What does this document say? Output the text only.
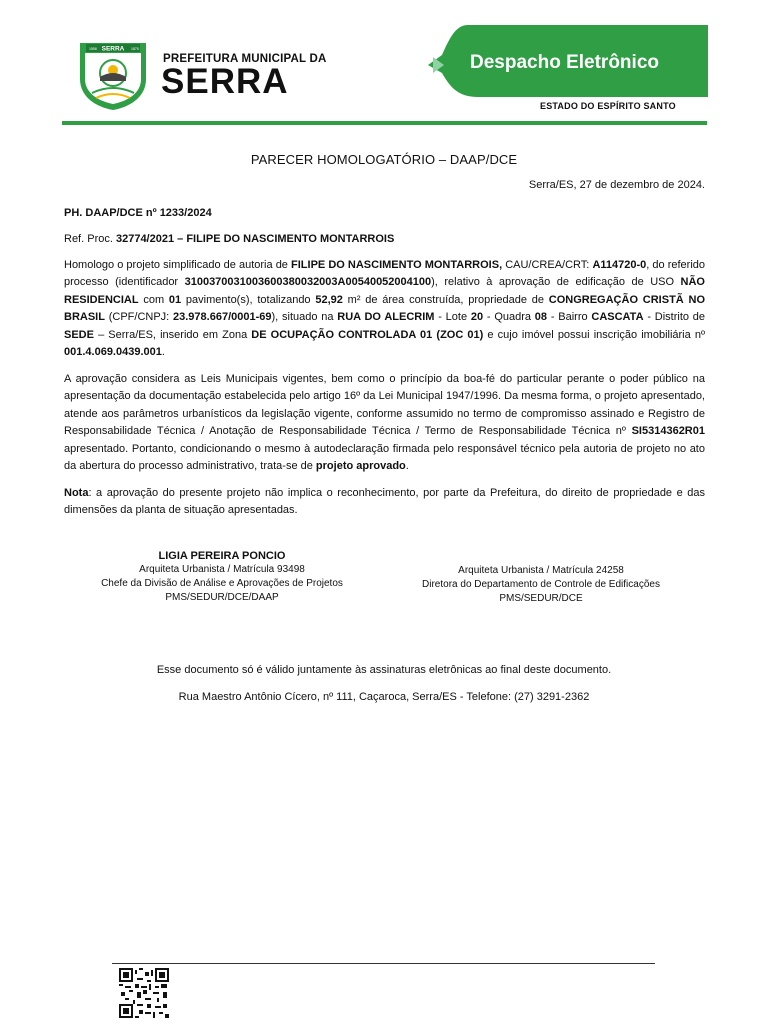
SERRA
1556	1875
PREFEITURA MUNICIPAL DA
SERRA	Despacho Eletrônico
ESTADO DO ESPÍRITO SANTO
PARECER HOMOLOGATÓRIO – DAAP/DCE
Serra/ES, 27 de dezembro de 2024.
PH. DAAP/DCE nº 1233/2024
Ref. Proc. 32774/2021 – FILIPE DO NASCIMENTO MONTARROIS
Homologo o projeto simplificado de autoria de FILIPE DO NASCIMENTO MONTARROIS, CAU/CREA/CRT: A114720-0, do referido processo (identificador 310037003100360038003200​3A00540052004100), relativo à aprovação de edificação de USO NÃO RESIDENCIAL com 01 pavimento(s), totalizando 52,92 m² de área construída, propriedade de CONGREGAÇÃO CRISTÃ NO BRASIL (CPF/CNPJ: 23.978.667/0001-69), situado na RUA DO ALECRIM - Lote 20 - Quadra 08 - Bairro CASCATA - Distrito de SEDE – Serra/ES, inserido em Zona DE OCUPAÇÃO CONTROLADA 01 (ZOC 01) e cujo imóvel possui inscrição imobiliária nº 001.4.069.0439.001.
A aprovação considera as Leis Municipais vigentes, bem como o princípio da boa-fé do particular perante o poder público na apresentação da documentação estabelecida pelo artigo 16º da Lei Municipal 1947/1996. Da mesma forma, o projeto apresentado, atende aos parâmetros urbanísticos da legislação vigente, conforme assumido no termo de compromisso assinado e Registro de Responsabilidade Técnica / Anotação de Responsabilidade Técnica / Termo de Responsabilidade Técnica nº SI5314362R01 apresentado. Portanto, condicionando o mesmo à autodeclaração firmada pelo responsável técnico pela autoria de projeto no ato da abertura do processo administrativo, trata-se de projeto aprovado.
Nota: a aprovação do presente projeto não implica o reconhecimento, por parte da Prefeitura, do direito de propriedade e das dimensões da planta de situação apresentadas.
LIGIA PEREIRA PONCIO
Arquiteta Urbanista / Matrícula 93498
Chefe da Divisão de Análise e Aprovações de Projetos
PMS/SEDUR/DCE/DAAP
Arquiteta Urbanista / Matrícula 24258
Diretora do Departamento de Controle de Edificações
PMS/SEDUR/DCE
Esse documento só é válido juntamente às assinaturas eletrônicas ao final deste documento.
Rua Maestro Antônio Cícero, nº 111, Caçaroca, Serra/ES - Telefone: (27) 3291-2362
